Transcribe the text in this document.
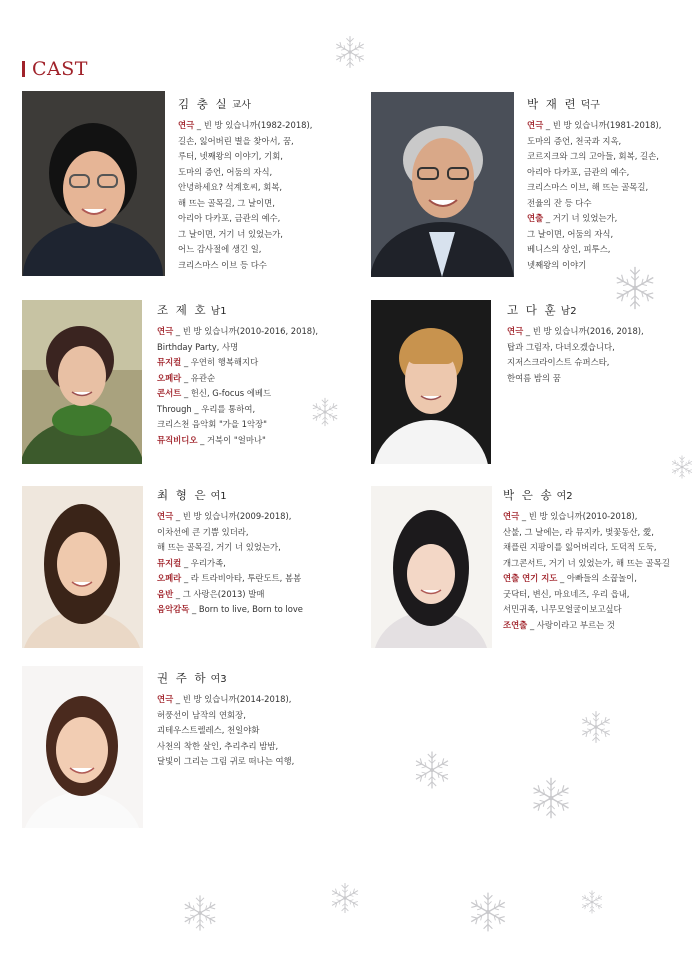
CAST
김 충 실 교사
연극 _ 빈 방 있습니까(1982-2018),
길손, 잃어버린 별을 찾아서, 꿈,
루터, 넷째왕의 이야기, 기회,
도마의 증언, 어둠의 자식,
안녕하세요? 석계호씨, 회복,
해 뜨는 골목길, 그 날이면,
아리아 다카포, 금관의 예수,
그 날이면, 거기 너 있었는가,
어느 감사절에 생긴 일,
크리스마스 이브 등 다수
박 재 련 덕구
연극 _ 빈 방 있습니까(1981-2018),
도마의 증언, 천국과 지옥,
코르지크와 그의 고아들, 회복, 길손,
아리아 다카포, 금관의 예수,
크리스마스 이브, 해 뜨는 골목길,
전율의 잔 등 다수
연출 _ 거기 너 있었는가,
그 날이면, 어둠의 자식,
베니스의 상인, 피투스,
넷째왕의 이야기
조 제 호 남1
연극 _ 빈 방 있습니까(2010-2016, 2018),
Birthday Party, 사명
뮤지컬 _ 우연히 행복해지다
오페라 _ 유관순
콘서트 _ 헌신, G-focus 에베드
Through _ 우리를 통하여,
크리스천 음악회 "가을 1악장"
뮤직비디오 _ 거북이 "얼마나"
고 다 훈 남2
연극 _ 빈 방 있습니까(2016, 2018),
탑과 그림자, 다녀오겠습니다,
지저스크라이스트 슈퍼스타,
한여름 밤의 꿈
최 형 은 여1
연극 _ 빈 방 있습니까(2009-2018),
이차선에 큰 기쁨 있더라,
해 뜨는 골목길, 거기 너 있었는가,
뮤지컬 _ 우리가족,
오페라 _ 라 트라비아타, 투란도트, 봄봄
음반 _ 그 사랑은(2013) 발매
음악감독 _ Born to live, Born to love
박 은 송 여2
연극 _ 빈 방 있습니까(2010-2018),
산불, 그 날에는, 라 뮤지카, 벚꽃동산, 愛,
채플린 지팡이를 잃어버리다, 도덕적 도둑,
개그콘서트, 거기 너 있었는가, 해 뜨는 골목길
연출 연기 지도 _ 아빠들의 소꿉놀이,
굿닥터, 변신, 마요네즈, 우리 읍내,
서민귀족, 니무모얼굴이보고싶다
조연출 _ 사랑이라고 부르는 것
권 주 하 여3
연극 _ 빈 방 있습니까(2014-2018),
허풍선이 남작의 연회장,
괴테우스트렐레스, 천일야화
사천의 착한 살인, 추리추리 밤밤,
달빛이 그리는 그림 귀로 떠나는 여행,
